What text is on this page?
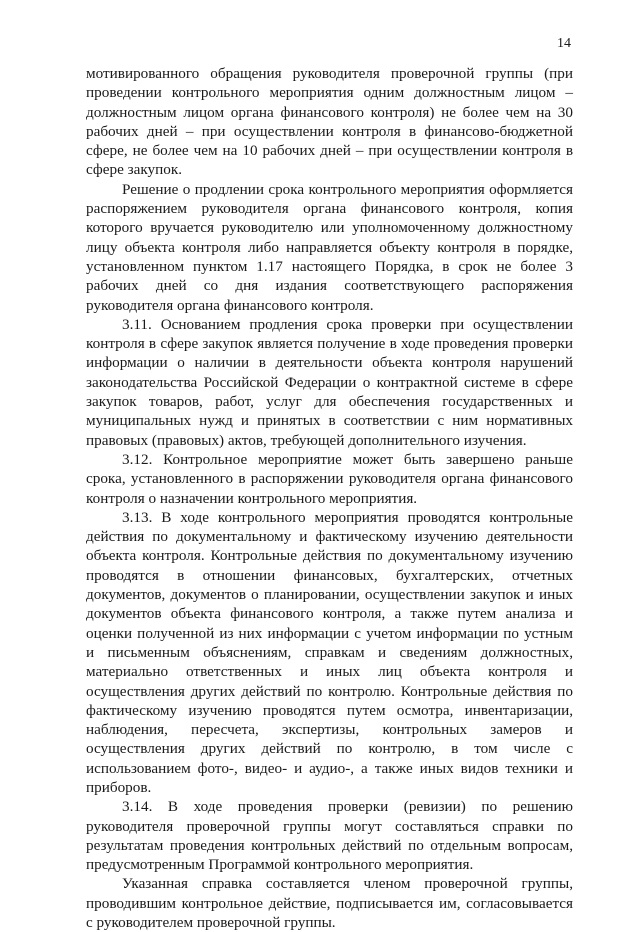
14

мотивированного обращения руководителя проверочной группы (при проведении контрольного мероприятия одним должностным лицом – должностным лицом органа финансового контроля) не более чем на 30 рабочих дней – при осуществлении контроля в финансово-бюджетной сфере, не более чем на 10 рабочих дней – при осуществлении контроля в сфере закупок.

Решение о продлении срока контрольного мероприятия оформляется распоряжением руководителя органа финансового контроля, копия которого вручается руководителю или уполномоченному должностному лицу объекта контроля либо направляется объекту контроля в порядке, установленном пунктом 1.17 настоящего Порядка, в срок не более 3 рабочих дней со дня издания соответствующего распоряжения руководителя органа финансового контроля.

3.11. Основанием продления срока проверки при осуществлении контроля в сфере закупок является получение в ходе проведения проверки информации о наличии в деятельности объекта контроля нарушений законодательства Российской Федерации о контрактной системе в сфере закупок товаров, работ, услуг для обеспечения государственных и муниципальных нужд и принятых в соответствии с ним нормативных правовых (правовых) актов, требующей дополнительного изучения.

3.12. Контрольное мероприятие может быть завершено раньше срока, установленного в распоряжении руководителя органа финансового контроля о назначении контрольного мероприятия.

3.13. В ходе контрольного мероприятия проводятся контрольные действия по документальному и фактическому изучению деятельности объекта контроля. Контрольные действия по документальному изучению проводятся в отношении финансовых, бухгалтерских, отчетных документов, документов о планировании, осуществлении закупок и иных документов объекта финансового контроля, а также путем анализа и оценки полученной из них информации с учетом информации по устным и письменным объяснениям, справкам и сведениям должностных, материально ответственных и иных лиц объекта контроля и осуществления других действий по контролю. Контрольные действия по фактическому изучению проводятся путем осмотра, инвентаризации, наблюдения, пересчета, экспертизы, контрольных замеров и осуществления других действий по контролю, в том числе с использованием фото-, видео- и аудио-, а также иных видов техники и приборов.

3.14. В ходе проведения проверки (ревизии) по решению руководителя проверочной группы могут составляться справки по результатам проведения контрольных действий по отдельным вопросам, предусмотренным Программой контрольного мероприятия.

Указанная справка составляется членом проверочной группы, проводившим контрольное действие, подписывается им, согласовывается с руководителем проверочной группы.
